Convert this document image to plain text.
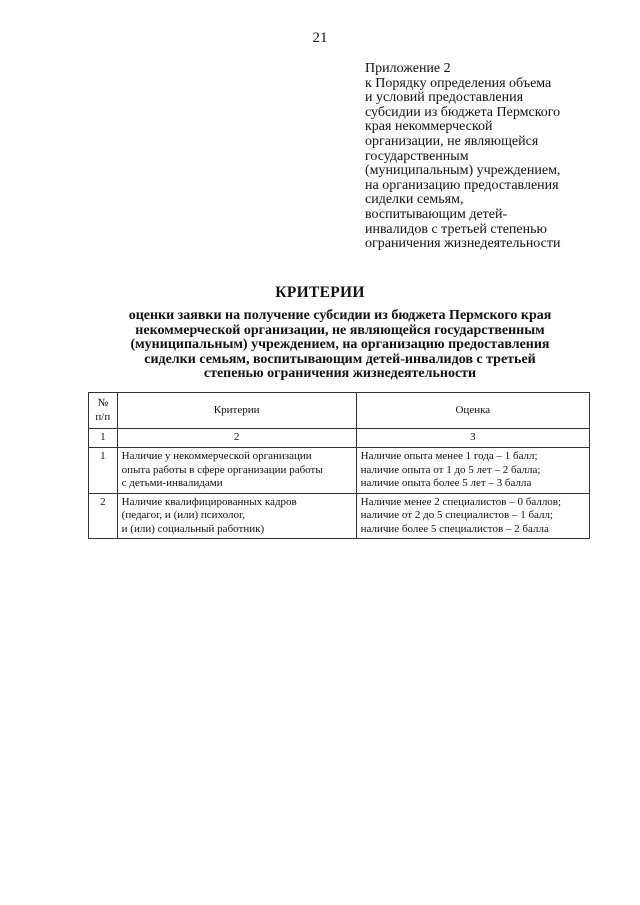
21
Приложение 2
к Порядку определения объема
и условий предоставления
субсидии из бюджета Пермского
края некоммерческой
организации, не являющейся
государственным
(муниципальным) учреждением,
на организацию предоставления
сиделки семьям,
воспитывающим детей-
инвалидов с третьей степенью
ограничения жизнедеятельности
КРИТЕРИИ
оценки заявки на получение субсидии из бюджета Пермского края
некоммерческой организации, не являющейся государственным
(муниципальным) учреждением, на организацию предоставления
сиделки семьям, воспитывающим детей-инвалидов с третьей
степенью ограничения жизнедеятельности
№
п/п	Критерии	Оценка
1	2	3
1	Наличие у некоммерческой организации
опыта работы в сфере организации работы
с детьми-инвалидами	Наличие опыта менее 1 года – 1 балл;
наличие опыта от 1 до 5 лет – 2 балла;
наличие опыта более 5 лет – 3 балла

2	Наличие квалифицированных кадров
(педагог, и (или) психолог,
и (или) социальный работник)	Наличие менее 2 специалистов – 0 баллов;
наличие от 2 до 5 специалистов – 1 балл;
наличие более 5 специалистов – 2 балла
